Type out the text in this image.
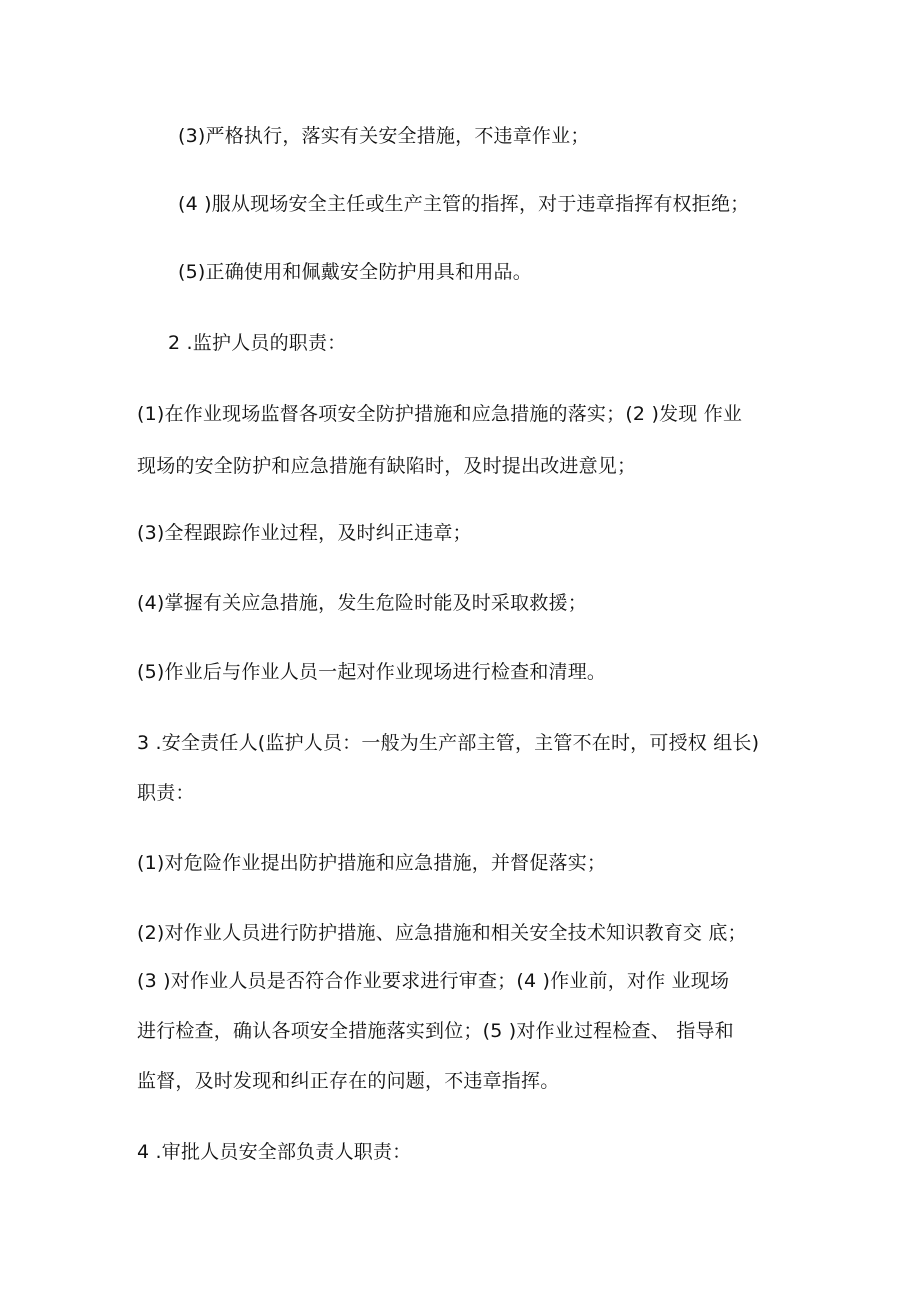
(3)严格执行，落实有关安全措施，不违章作业；
(4 )服从现场安全主任或生产主管的指挥，对于违章指挥有权拒绝；
(5)正确使用和佩戴安全防护用具和用品。
2 .监护人员的职责：
(1)在作业现场监督各项安全防护措施和应急措施的落实；(2 )发现 作业
现场的安全防护和应急措施有缺陷时，及时提出改进意见；
(3)全程跟踪作业过程，及时纠正违章；
(4)掌握有关应急措施，发生危险时能及时采取救援；
(5)作业后与作业人员一起对作业现场进行检查和清理。
3 .安全责任人(监护人员：一般为生产部主管，主管不在时，可授权 组长)
职责：
(1)对危险作业提出防护措施和应急措施，并督促落实；
(2)对作业人员进行防护措施、应急措施和相关安全技术知识教育交 底；
(3 )对作业人员是否符合作业要求进行审查；(4 )作业前，对作 业现场
进行检查，确认各项安全措施落实到位；(5 )对作业过程检查、 指导和
监督，及时发现和纠正存在的问题，不违章指挥。
4 .审批人员安全部负责人职责：
